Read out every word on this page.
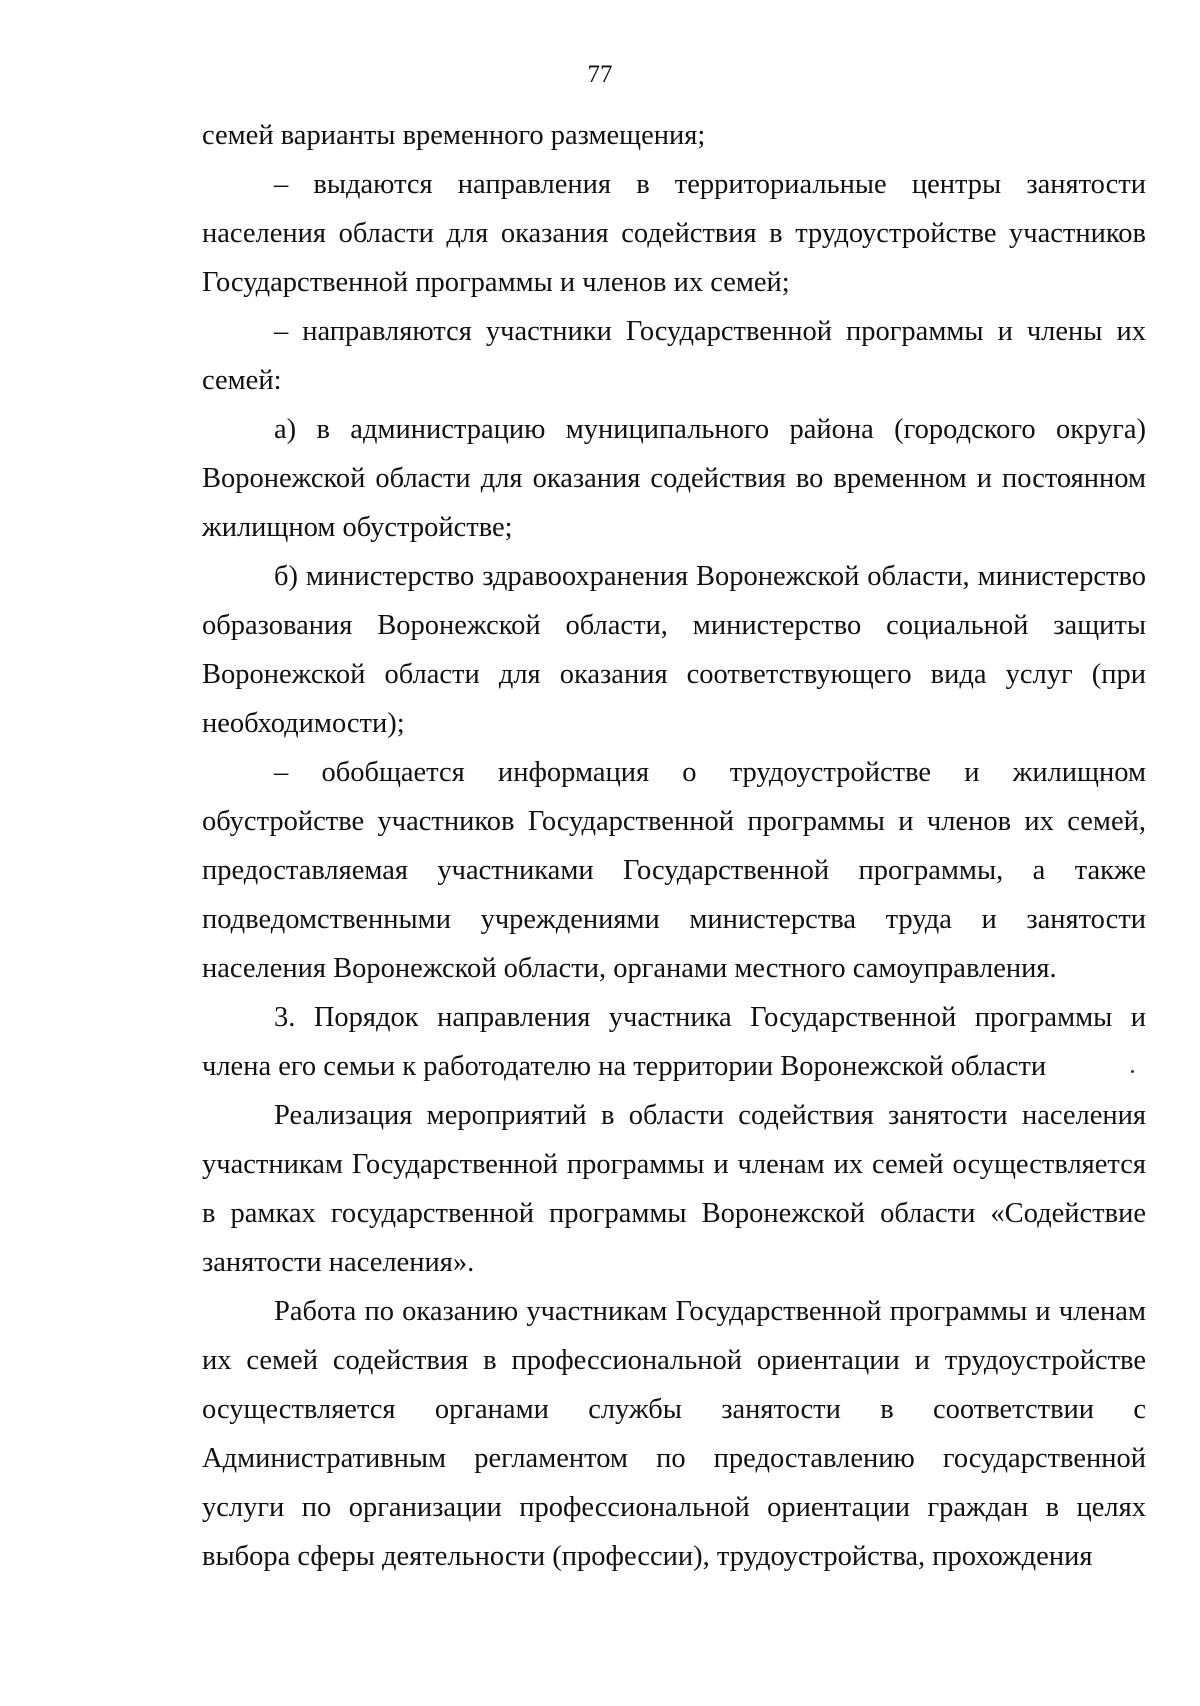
77

семей варианты временного размещения;

– выдаются направления в территориальные центры занятости населения области для оказания содействия в трудоустройстве участников Государственной программы и членов их семей;

– направляются участники Государственной программы и члены их семей:

а) в администрацию муниципального района (городского округа) Воронежской области для оказания содействия во временном и постоянном жилищном обустройстве;

б) министерство здравоохранения Воронежской области, министерство образования Воронежской области, министерство социальной защиты Воронежской области для оказания соответствующего вида услуг (при необходимости);

– обобщается информация о трудоустройстве и жилищном обустройстве участников Государственной программы и членов их семей, предоставляемая участниками Государственной программы, а также подведомственными учреждениями министерства труда и занятости населения Воронежской области, органами местного самоуправления.

3. Порядок направления участника Государственной программы и члена его семьи к работодателю на территории Воронежской области

Реализация мероприятий в области содействия занятости населения участникам Государственной программы и членам их семей осуществляется в рамках государственной программы Воронежской области «Содействие занятости населения».

Работа по оказанию участникам Государственной программы и членам их семей содействия в профессиональной ориентации и трудоустройстве осуществляется органами службы занятости в соответствии с Административным регламентом по предоставлению государственной услуги по организации профессиональной ориентации граждан в целях выбора сферы деятельности (профессии), трудоустройства, прохождения
